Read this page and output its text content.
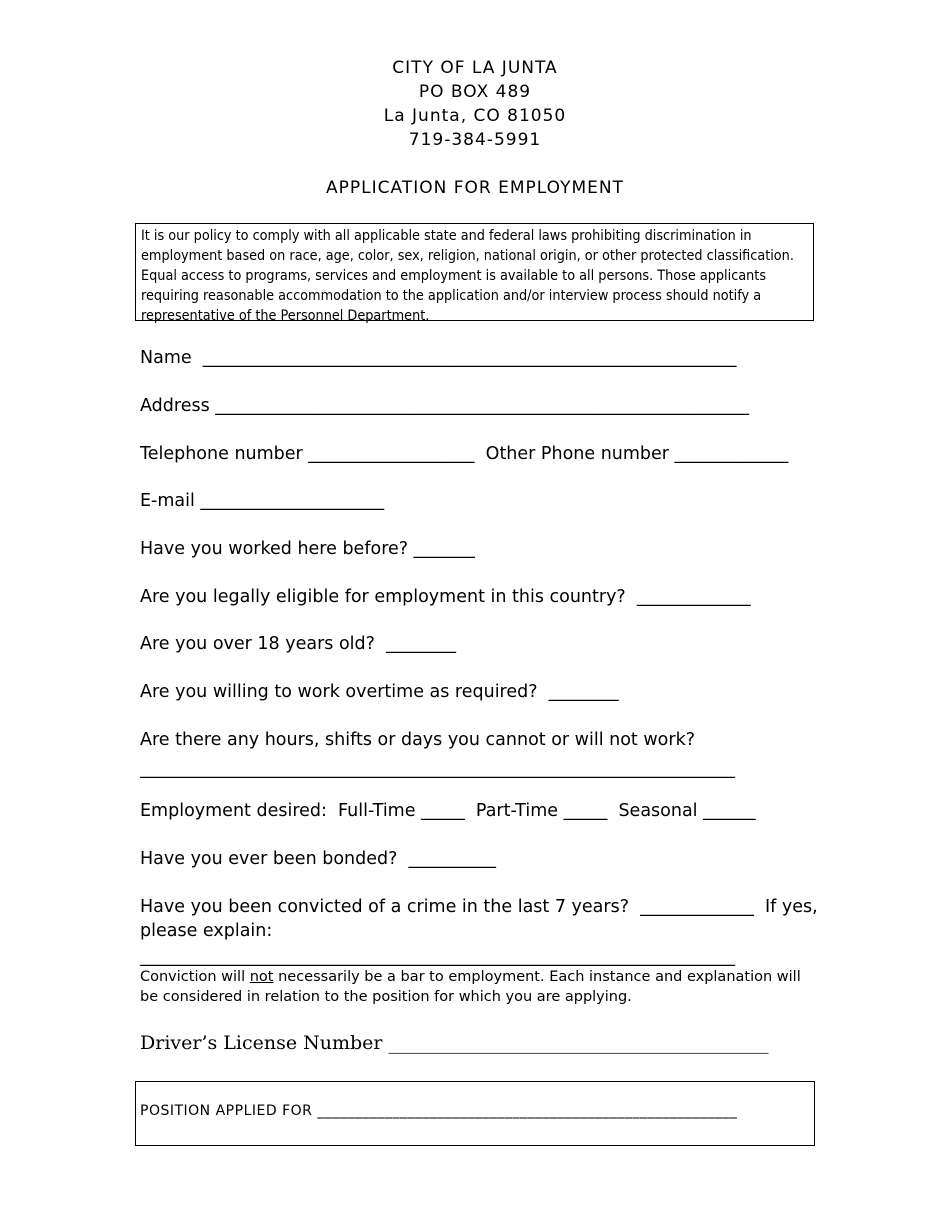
CITY OF LA JUNTA
PO BOX 489
La Junta, CO 81050
719-384-5991
APPLICATION FOR EMPLOYMENT
It is our policy to comply with all applicable state and federal laws prohibiting discrimination in employment based on race, age, color, sex, religion, national origin, or other protected classification. Equal access to programs, services and employment is available to all persons. Those applicants requiring reasonable accommodation to the application and/or interview process should notify a representative of the Personnel Department.
Name  _____________________________________________________________
Address _____________________________________________________________
Telephone number ___________________  Other Phone number _____________
E-mail _____________________
Have you worked here before? _______
Are you legally eligible for employment in this country?  _____________
Are you over 18 years old?  ________
Are you willing to work overtime as required?  ________
Are there any hours, shifts or days you cannot or will not work?
____________________________________________________________________
Employment desired:  Full-Time _____  Part-Time _____  Seasonal ______
Have you ever been bonded?  __________
Have you been convicted of a crime in the last 7 years?  _____________  If yes,
please explain:
____________________________________________________________________
Conviction will not necessarily be a bar to employment. Each instance and explanation will be considered in relation to the position for which you are applying.
Driver’s License Number ________________________________________
POSITION APPLIED FOR ________________________________________________________
